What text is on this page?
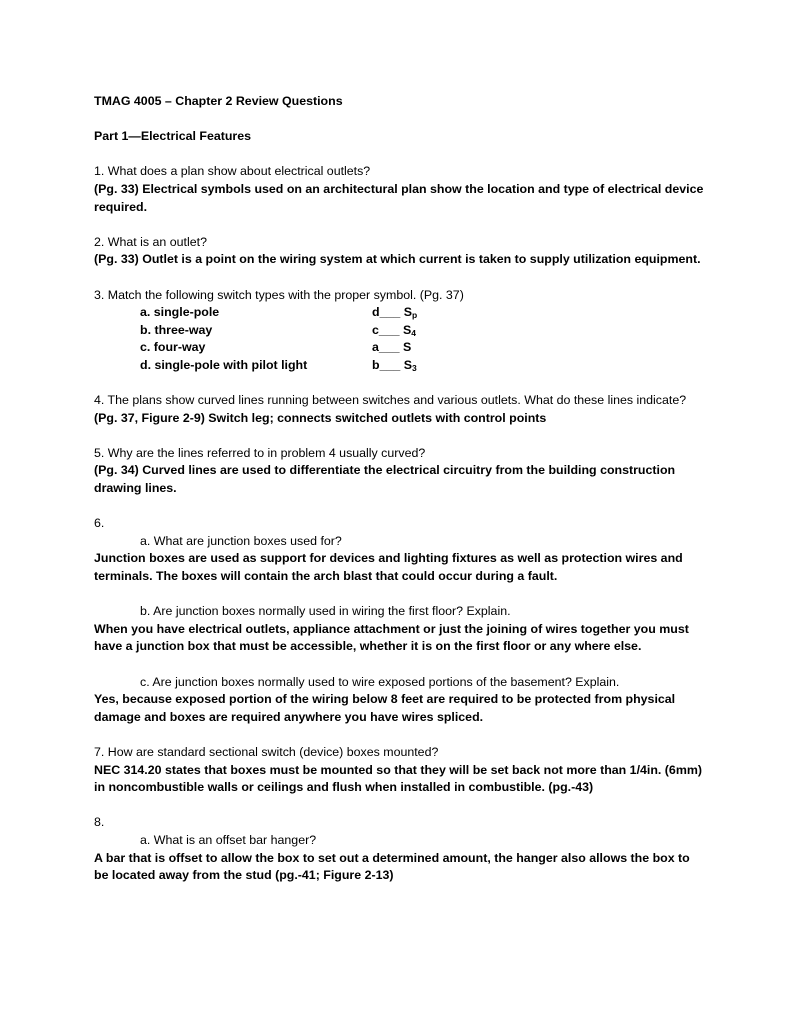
TMAG 4005 – Chapter 2 Review Questions

Part 1—Electrical Features

1. What does a plan show about electrical outlets?

(Pg. 33) Electrical symbols used on an architectural plan show the location and type of electrical device required.

2. What is an outlet?

(Pg. 33) Outlet is a point on the wiring system at which current is taken to supply utilization equipment.

3. Match the following switch types with the proper symbol. (Pg. 37)

a. single-pole	d___ $S_p$
b. three-way	c___ $S_4$
c. four-way	a___ S
d. single-pole with pilot light	b___ $S_3$

4. The plans show curved lines running between switches and various outlets. What do these lines indicate?

(Pg. 37, Figure 2-9) Switch leg; connects switched outlets with control points

5. Why are the lines referred to in problem 4 usually curved?

(Pg. 34) Curved lines are used to differentiate the electrical circuitry from the building construction drawing lines.

6.

a. What are junction boxes used for?

Junction boxes are used as support for devices and lighting fixtures as well as protection wires and terminals. The boxes will contain the arch blast that could occur during a fault.

b. Are junction boxes normally used in wiring the first floor? Explain.

When you have electrical outlets, appliance attachment or just the joining of wires together you must have a junction box that must be accessible, whether it is on the first floor or any where else.

c. Are junction boxes normally used to wire exposed portions of the basement? Explain.

Yes, because exposed portion of the wiring below 8 feet are required to be protected from physical damage and boxes are required anywhere you have wires spliced.

7. How are standard sectional switch (device) boxes mounted?

NEC 314.20 states that boxes must be mounted so that they will be set back not more than 1/4in. (6mm) in noncombustible walls or ceilings and flush when installed in combustible. (pg.-43)

8.

a. What is an offset bar hanger?

A bar that is offset to allow the box to set out a determined amount, the hanger also allows the box to be located away from the stud (pg.-41; Figure 2-13)
